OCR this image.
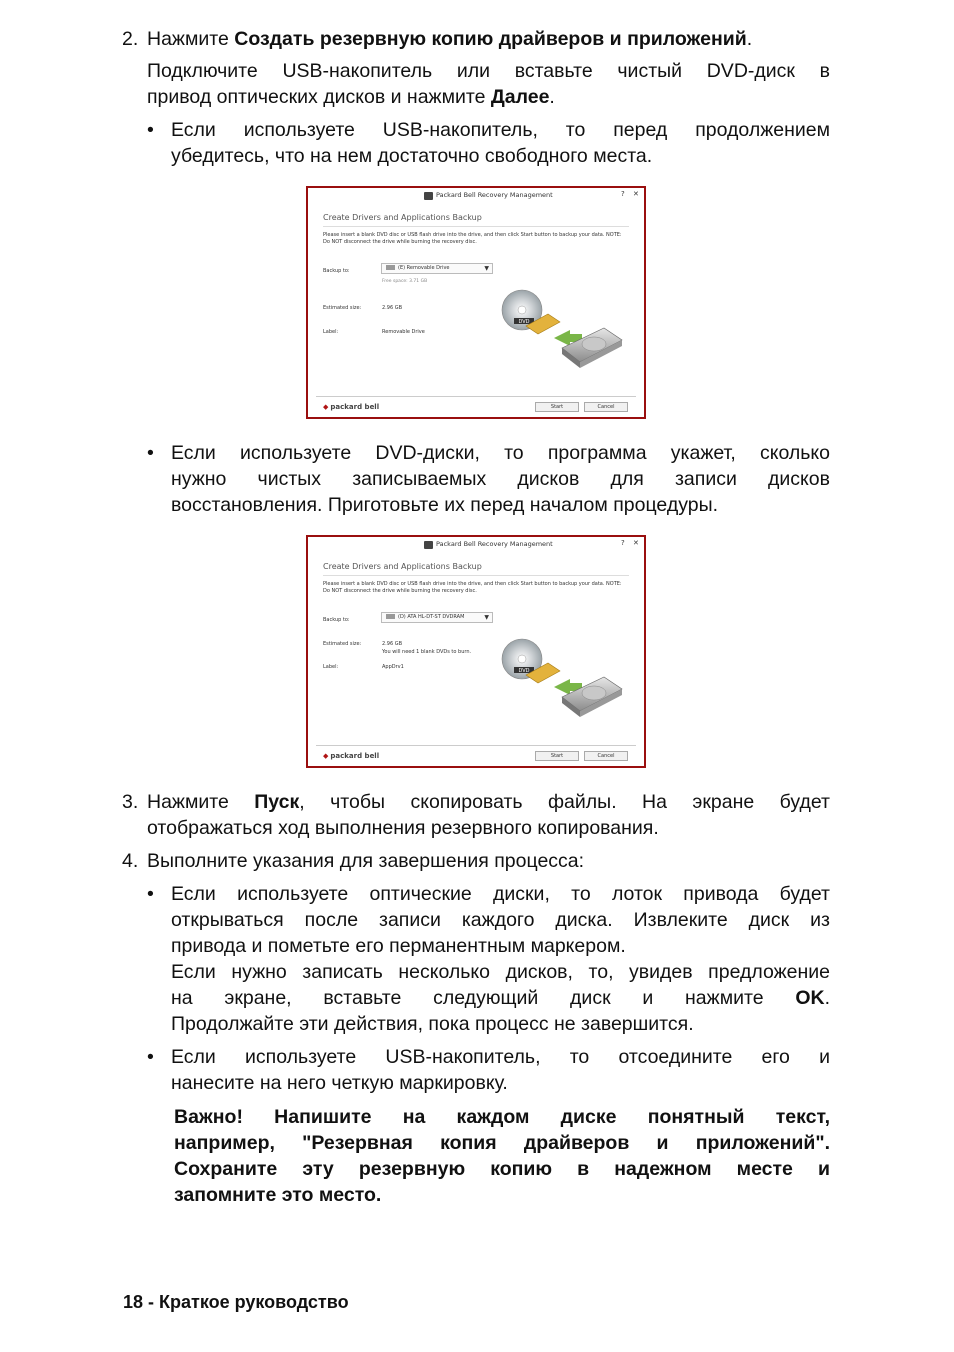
2. Нажмите Создать резервную копию драйверов и приложений.
Подключите USB-накопитель или вставьте чистый DVD-диск в
привод оптических дисков и нажмите Далее.
• Если используете USB-накопитель, то перед продолжением
убедитесь, что на нем достаточно свободного места.
Packard Bell Recovery Management	? ✕
Create Drivers and Applications Backup
Please insert a blank DVD disc or USB flash drive into the drive, and then click Start button to backup your data. NOTE: Do NOT disconnect the drive while burning the recovery disc.
Backup to:	(E) Removable Drive	▼
Free space: 3.71 GB
Estimated size:	2.96 GB
Label:	Removable Drive
DVD
◆ packard bell	Start	Cancel
• Если используете DVD-диски, то программа укажет, сколько
нужно чистых записываемых дисков для записи дисков
восстановления. Приготовьте их перед началом процедуры.
Packard Bell Recovery Management	? ✕
Create Drivers and Applications Backup
Please insert a blank DVD disc or USB flash drive into the drive, and then click Start button to backup your data. NOTE: Do NOT disconnect the drive while burning the recovery disc.
Backup to:	(D) ATA HL-DT-ST DVDRAM	▼
Estimated size:	2.96 GB
You will need 1 blank DVDs to burn.
Label:	AppDrv1
DVD
◆ packard bell	Start	Cancel
3. Нажмите Пуск, чтобы скопировать файлы. На экране будет
отображаться ход выполнения резервного копирования.
4. Выполните указания для завершения процесса:
• Если используете оптические диски, то лоток привода будет
открываться после записи каждого диска. Извлеките диск из
привода и пометьте его перманентным маркером.
Если нужно записать несколько дисков, то, увидев предложение
на экране, вставьте следующий диск и нажмите OK.
Продолжайте эти действия, пока процесс не завершится.
• Если используете USB-накопитель, то отсоедините его и
нанесите на него четкую маркировку.
Важно! Напишите на каждом диске понятный текст,
например, "Резервная копия драйверов и приложений".
Сохраните эту резервную копию в надежном месте и
запомните это место.
18 - Краткое руководство
